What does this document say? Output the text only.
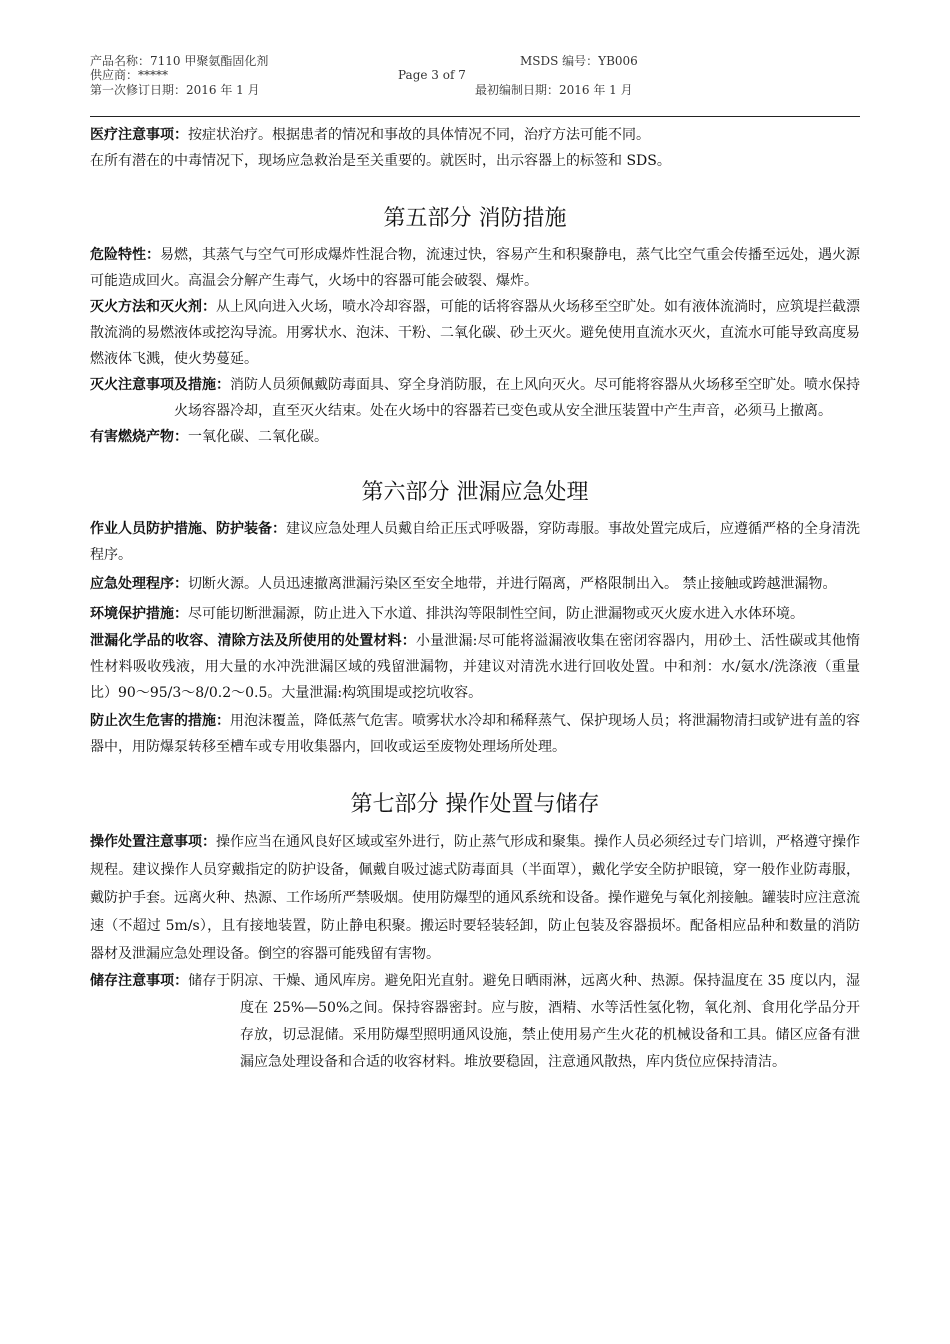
产品名称：7110 甲聚氨酯固化剂	MSDS 编号：YB006
供应商：*****	Page 3 of 7
第一次修订日期：2016 年 1 月	最初编制日期：2016 年 1 月

医疗注意事项：按症状治疗。根据患者的情况和事故的具体情况不同，治疗方法可能不同。

在所有潜在的中毒情况下，现场应急救治是至关重要的。就医时，出示容器上的标签和 SDS。

第五部分 消防措施

危险特性：易燃，其蒸气与空气可形成爆炸性混合物，流速过快，容易产生和积聚静电，蒸气比空气重会传播至远处，遇火源可能造成回火。高温会分解产生毒气，火场中的容器可能会破裂、爆炸。

灭火方法和灭火剂：从上风向进入火场，喷水冷却容器，可能的话将容器从火场移至空旷处。如有液体流淌时，应筑堤拦截漂散流淌的易燃液体或挖沟导流。用雾状水、泡沫、干粉、二氧化碳、砂土灭火。避免使用直流水灭火，直流水可能导致高度易燃液体飞溅，使火势蔓延。

灭火注意事项及措施：消防人员须佩戴防毒面具、穿全身消防服，在上风向灭火。尽可能将容器从火场移至空旷处。喷水保持火场容器冷却，直至灭火结束。处在火场中的容器若已变色或从安全泄压装置中产生声音，必须马上撤离。

有害燃烧产物：一氧化碳、二氧化碳。

第六部分 泄漏应急处理

作业人员防护措施、防护装备：建议应急处理人员戴自给正压式呼吸器，穿防毒服。事故处置完成后，应遵循严格的全身清洗程序。

应急处理程序：切断火源。人员迅速撤离泄漏污染区至安全地带，并进行隔离，严格限制出入。 禁止接触或跨越泄漏物。

环境保护措施：尽可能切断泄漏源，防止进入下水道、排洪沟等限制性空间，防止泄漏物或灭火废水进入水体环境。

泄漏化学品的收容、清除方法及所使用的处置材料：小量泄漏:尽可能将溢漏液收集在密闭容器内，用砂土、活性碳或其他惰性材料吸收残液，用大量的水冲洗泄漏区域的残留泄漏物，并建议对清洗水进行回收处置。中和剂：水/氨水/洗涤液（重量比）90～95/3～8/0.2～0.5。大量泄漏:构筑围堤或挖坑收容。

防止次生危害的措施：用泡沫覆盖，降低蒸气危害。喷雾状水冷却和稀释蒸气、保护现场人员；将泄漏物清扫或铲进有盖的容器中，用防爆泵转移至槽车或专用收集器内，回收或运至废物处理场所处理。

第七部分 操作处置与储存

操作处置注意事项：操作应当在通风良好区域或室外进行，防止蒸气形成和聚集。操作人员必须经过专门培训，严格遵守操作规程。建议操作人员穿戴指定的防护设备，佩戴自吸过滤式防毒面具（半面罩），戴化学安全防护眼镜，穿一般作业防毒服，戴防护手套。远离火种、热源、工作场所严禁吸烟。使用防爆型的通风系统和设备。操作避免与氧化剂接触。罐装时应注意流速（不超过 5m/s），且有接地装置，防止静电积聚。搬运时要轻装轻卸，防止包装及容器损坏。配备相应品种和数量的消防器材及泄漏应急处理设备。倒空的容器可能残留有害物。

储存注意事项：储存于阴凉、干燥、通风库房。避免阳光直射。避免日晒雨淋，远离火种、热源。保持温度在 35 度以内，湿度在 25%—50%之间。保持容器密封。应与胺，酒精、水等活性氢化物，氧化剂、食用化学品分开存放，切忌混储。采用防爆型照明通风设施，禁止使用易产生火花的机械设备和工具。储区应备有泄漏应急处理设备和合适的收容材料。堆放要稳固，注意通风散热，库内货位应保持清洁。
